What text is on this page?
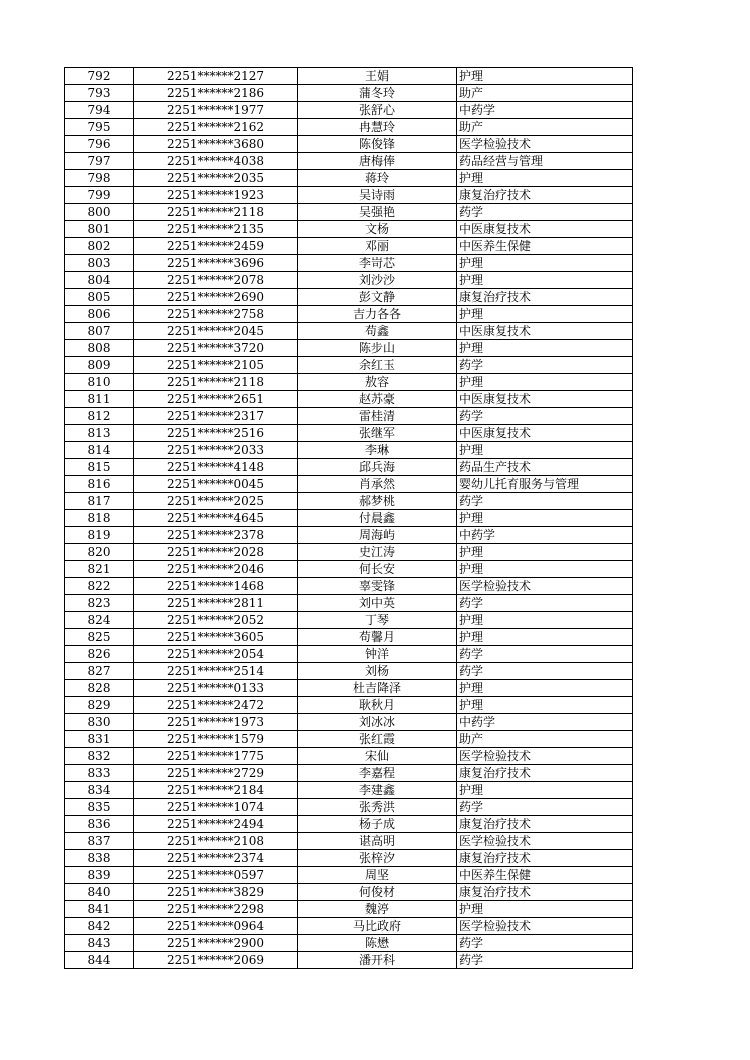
792	2251******2127	王娟	护理
793	2251******2186	蒲冬玲	助产
794	2251******1977	张舒心	中药学
795	2251******2162	冉慧玲	助产
796	2251******3680	陈俊锋	医学检验技术
797	2251******4038	唐梅俸	药品经营与管理
798	2251******2035	蒋玲	护理
799	2251******1923	吴诗雨	康复治疗技术
800	2251******2118	吴强艳	药学
801	2251******2135	文杨	中医康复技术
802	2251******2459	邓丽	中医养生保健
803	2251******3696	李岢芯	护理
804	2251******2078	刘沙沙	护理
805	2251******2690	彭文静	康复治疗技术
806	2251******2758	吉力各各	护理
807	2251******2045	苟鑫	中医康复技术
808	2251******3720	陈步山	护理
809	2251******2105	余红玉	药学
810	2251******2118	敖容	护理
811	2251******2651	赵苏豪	中医康复技术
812	2251******2317	雷桂清	药学
813	2251******2516	张继军	中医康复技术
814	2251******2033	李琳	护理
815	2251******4148	邱兵海	药品生产技术
816	2251******0045	肖承然	婴幼儿托育服务与管理
817	2251******2025	郝梦桃	药学
818	2251******4645	付晨鑫	护理
819	2251******2378	周海屿	中药学
820	2251******2028	史江涛	护理
821	2251******2046	何长安	护理
822	2251******1468	辜雯锋	医学检验技术
823	2251******2811	刘中英	药学
824	2251******2052	丁琴	护理
825	2251******3605	苟馨月	护理
826	2251******2054	钟洋	药学
827	2251******2514	刘杨	药学
828	2251******0133	杜吉降泽	护理
829	2251******2472	耿秋月	护理
830	2251******1973	刘冰冰	中药学
831	2251******1579	张红霞	助产
832	2251******1775	宋仙	医学检验技术
833	2251******2729	李嘉程	康复治疗技术
834	2251******2184	李建鑫	护理
835	2251******1074	张秀洪	药学
836	2251******2494	杨子成	康复治疗技术
837	2251******2108	谌高明	医学检验技术
838	2251******2374	张梓汐	康复治疗技术
839	2251******0597	周坚	中医养生保健
840	2251******3829	何俊材	康复治疗技术
841	2251******2298	魏渟	护理
842	2251******0964	马比政府	医学检验技术
843	2251******2900	陈懋	药学
844	2251******2069	潘开科	药学
